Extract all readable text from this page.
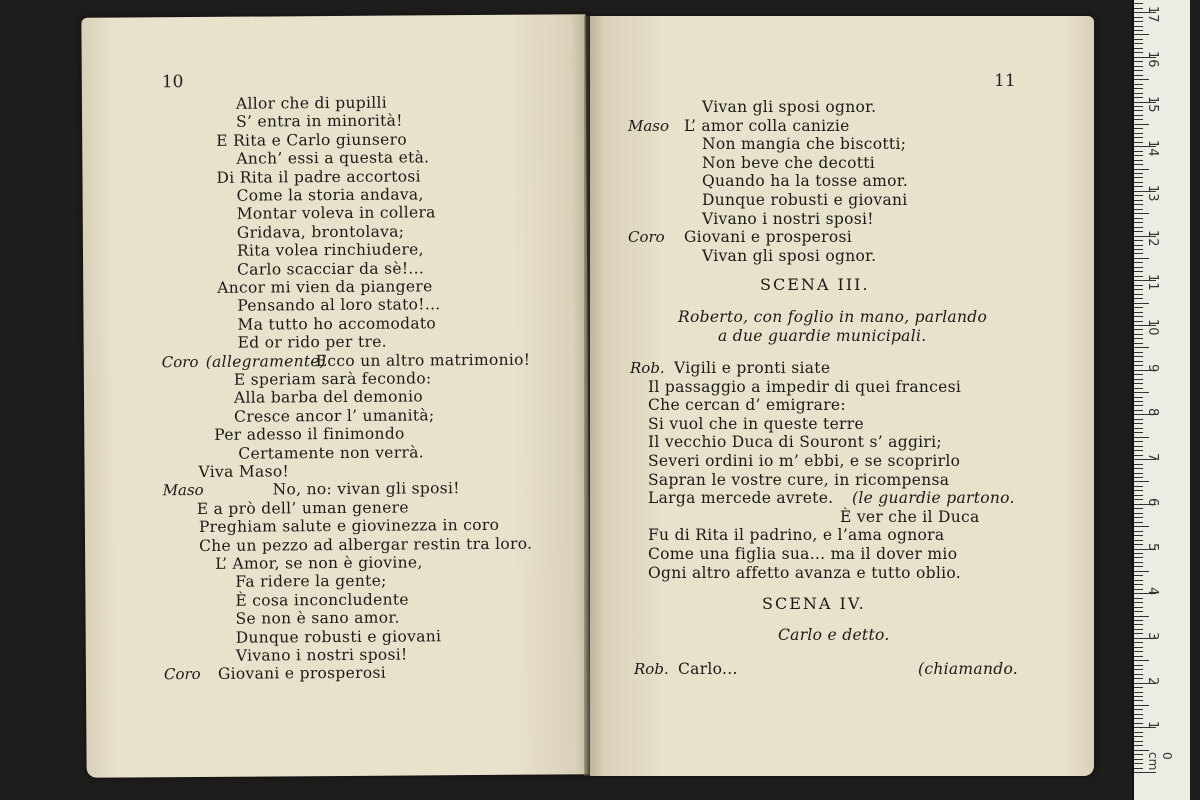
10
Allor che di pupilli
S’ entra in minorità!
E Rita e Carlo giunsero
Anch’ essi a questa età.
Di Rita il padre accortosi
Come la storia andava,
Montar voleva in collera
Gridava, brontolava;
Rita volea rinchiudere,
Carlo scacciar da sè!...
Ancor mi vien da piangere
Pensando al loro stato!...
Ma tutto ho accomodato
Ed or rido per tre.
Coro (allegramente)
Ecco un altro matrimonio!
E speriam sarà fecondo:
Alla barba del demonio
Cresce ancor l’ umanità;
Per adesso il finimondo
Certamente non verrà.
Viva Maso!
Maso	No, no: vivan gli sposi!
E a prò dell’ uman genere
Preghiam salute e giovinezza in coro
Che un pezzo ad albergar restin tra loro.
L’ Amor, se non è giovine,
Fa ridere la gente;
È cosa inconcludente
Se non è sano amor.
Dunque robusti e giovani
Vivano i nostri sposi!
Coro Giovani e prosperosi
11
Vivan gli sposi ognor.
Maso L’ amor colla canizie
Non mangia che biscotti;
Non beve che decotti
Quando ha la tosse amor.
Dunque robusti e giovani
Vivano i nostri sposi!
Coro Giovani e prosperosi
Vivan gli sposi ognor.
SCENA III.
Roberto, con foglio in mano, parlando
a due guardie municipali.
Rob. Vigili e pronti siate
Il passaggio a impedir di quei francesi
Che cercan d’ emigrare:
Si vuol che in queste terre
Il vecchio Duca di Souront s’ aggiri;
Severi ordini io m’ ebbi, e se scoprirlo
Sapran le vostre cure, in ricompensa
Larga mercede avrete. (le guardie partono.
È ver che il Duca
Fu di Rita il padrino, e l’ama ognora
Come una figlia sua... ma il dover mio
Ogni altro affetto avanza e tutto oblio.
SCENA IV.
Carlo e detto.
Rob. Carlo...	(chiamando.
0 cm
17
16
15
14
13
12
11
10
9
8
7
6
5
4
3
2
1
